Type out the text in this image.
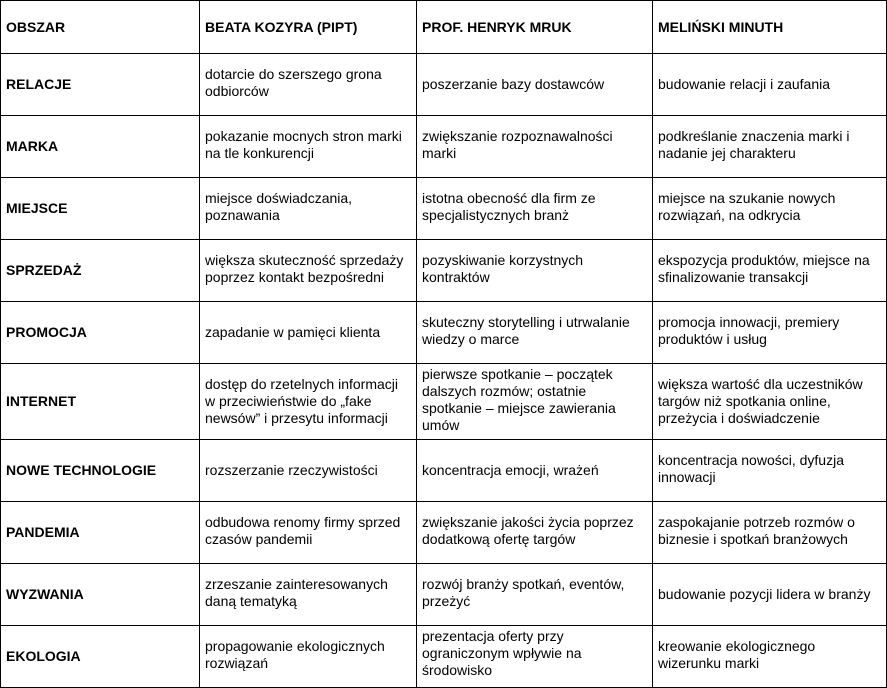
OBSZAR	BEATA KOZYRA (PIPT)	PROF. HENRYK MRUK	MELIŃSKI MINUTH
RELACJE	dotarcie do szerszego grona odbiorców	poszerzanie bazy dostawców	budowanie relacji i zaufania
MARKA	pokazanie mocnych stron marki na tle konkurencji	zwiększanie rozpoznawalności marki	podkreślanie znaczenia marki i nadanie jej charakteru
MIEJSCE	miejsce doświadczania, poznawania	istotna obecność dla firm ze specjalistycznych branż	miejsce na szukanie nowych rozwiązań, na odkrycia
SPRZEDAŻ	większa skuteczność sprzedaży poprzez kontakt bezpośredni	pozyskiwanie korzystnych kontraktów	ekspozycja produktów, miejsce na sfinalizowanie transakcji
PROMOCJA	zapadanie w pamięci klienta	skuteczny storytelling i utrwalanie wiedzy o marce	promocja innowacji, premiery produktów i usług
INTERNET	dostęp do rzetelnych informacji w przeciwieństwie do „fake newsów” i przesytu informacji	pierwsze spotkanie – początek dalszych rozmów; ostatnie spotkanie – miejsce zawierania umów	większa wartość dla uczestników targów niż spotkania online, przeżycia i doświadczenie
NOWE TECHNOLOGIE	rozszerzanie rzeczywistości	koncentracja emocji, wrażeń	koncentracja nowości, dyfuzja innowacji
PANDEMIA	odbudowa renomy firmy sprzed czasów pandemii	zwiększanie jakości życia poprzez dodatkową ofertę targów	zaspokajanie potrzeb rozmów o biznesie i spotkań branżowych
WYZWANIA	zrzeszanie zainteresowanych daną tematyką	rozwój branży spotkań, eventów, przeżyć	budowanie pozycji lidera w branży
EKOLOGIA	propagowanie ekologicznych rozwiązań	prezentacja oferty przy ograniczonym wpływie na środowisko	kreowanie ekologicznego wizerunku marki
